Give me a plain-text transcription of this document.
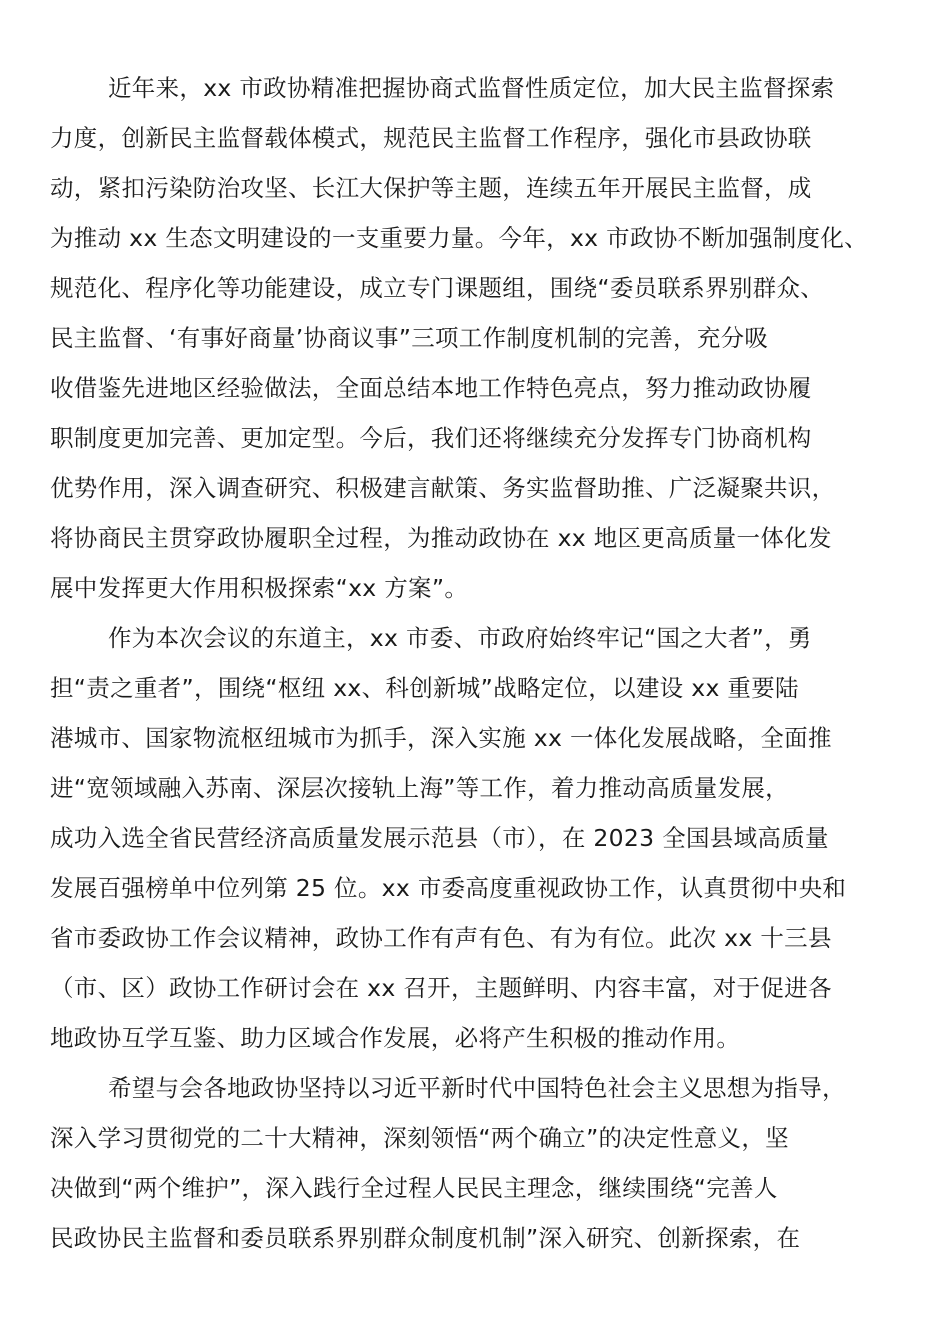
近年来，xx 市政协精准把握协商式监督性质定位，加大民主监督探索
力度，创新民主监督载体模式，规范民主监督工作程序，强化市县政协联
动，紧扣污染防治攻坚、长江大保护等主题，连续五年开展民主监督，成
为推动 xx 生态文明建设的一支重要力量。今年，xx 市政协不断加强制度化、
规范化、程序化等功能建设，成立专门课题组，围绕“委员联系界别群众、
民主监督、‘有事好商量’协商议事”三项工作制度机制的完善，充分吸
收借鉴先进地区经验做法，全面总结本地工作特色亮点，努力推动政协履
职制度更加完善、更加定型。今后，我们还将继续充分发挥专门协商机构
优势作用，深入调查研究、积极建言献策、务实监督助推、广泛凝聚共识，
将协商民主贯穿政协履职全过程，为推动政协在 xx 地区更高质量一体化发
展中发挥更大作用积极探索“xx 方案”。
作为本次会议的东道主，xx 市委、市政府始终牢记“国之大者”，勇
担“责之重者”，围绕“枢纽 xx、科创新城”战略定位，以建设 xx 重要陆
港城市、国家物流枢纽城市为抓手，深入实施 xx 一体化发展战略，全面推
进“宽领域融入苏南、深层次接轨上海”等工作，着力推动高质量发展，
成功入选全省民营经济高质量发展示范县（市），在 2023 全国县域高质量
发展百强榜单中位列第 25 位。xx 市委高度重视政协工作，认真贯彻中央和
省市委政协工作会议精神，政协工作有声有色、有为有位。此次 xx 十三县
（市、区）政协工作研讨会在 xx 召开，主题鲜明、内容丰富，对于促进各
地政协互学互鉴、助力区域合作发展，必将产生积极的推动作用。
希望与会各地政协坚持以习近平新时代中国特色社会主义思想为指导，
深入学习贯彻党的二十大精神，深刻领悟“两个确立”的决定性意义，坚
决做到“两个维护”，深入践行全过程人民民主理念，继续围绕“完善人
民政协民主监督和委员联系界别群众制度机制”深入研究、创新探索，在
